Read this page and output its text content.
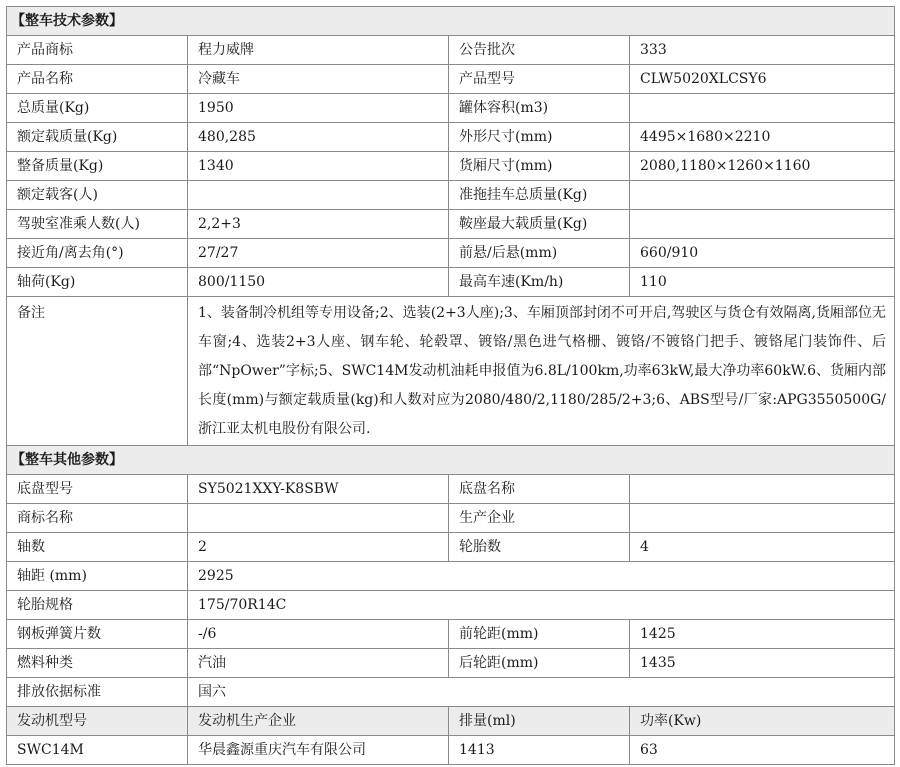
【整车技术参数】			
产品商标	程力威牌	公告批次	333
产品名称	冷藏车	产品型号	CLW5020XLCSY6
总质量(Kg)	1950	罐体容积(m3)	
额定载质量(Kg)	480,285	外形尺寸(mm)	4495×1680×2210
整备质量(Kg)	1340	货厢尺寸(mm)	2080,1180×1260×1160
额定载客(人)		准拖挂车总质量(Kg)	
驾驶室准乘人数(人)	2,2+3	鞍座最大载质量(Kg)	
接近角/离去角(°)	27/27	前悬/后悬(mm)	660/910
轴荷(Kg)	800/1150	最高车速(Km/h)	110
备注	1、装备制冷机组等专用设备;2、选装(2+3人座);3、车厢顶部封闭不可开启,驾驶区与货仓有效隔离,货厢部位无车窗;4、选装2+3人座、钢车轮、轮毂罩、镀铬/黑色进气格栅、镀铬/不镀铬门把手、镀铬尾门装饰件、后部“NpOwer”字标;5、SWC14M发动机油耗申报值为6.8L/100km,功率63kW,最大净功率60kW.6、货厢内部长度(mm)与额定载质量(kg)和人数对应为2080/480/2,1180/285/2+3;6、ABS型号/厂家:APG3550500G/浙江亚太机电股份有限公司.		
【整车其他参数】			
底盘型号	SY5021XXY-K8SBW	底盘名称	
商标名称		生产企业	
轴数	2	轮胎数	4
轴距 (mm)	2925		
轮胎规格	175/70R14C		
钢板弹簧片数	-/6	前轮距(mm)	1425
燃料种类	汽油	后轮距(mm)	1435
排放依据标准	国六		
发动机型号	发动机生产企业	排量(ml)	功率(Kw)
SWC14M	华晨鑫源重庆汽车有限公司	1413	63
